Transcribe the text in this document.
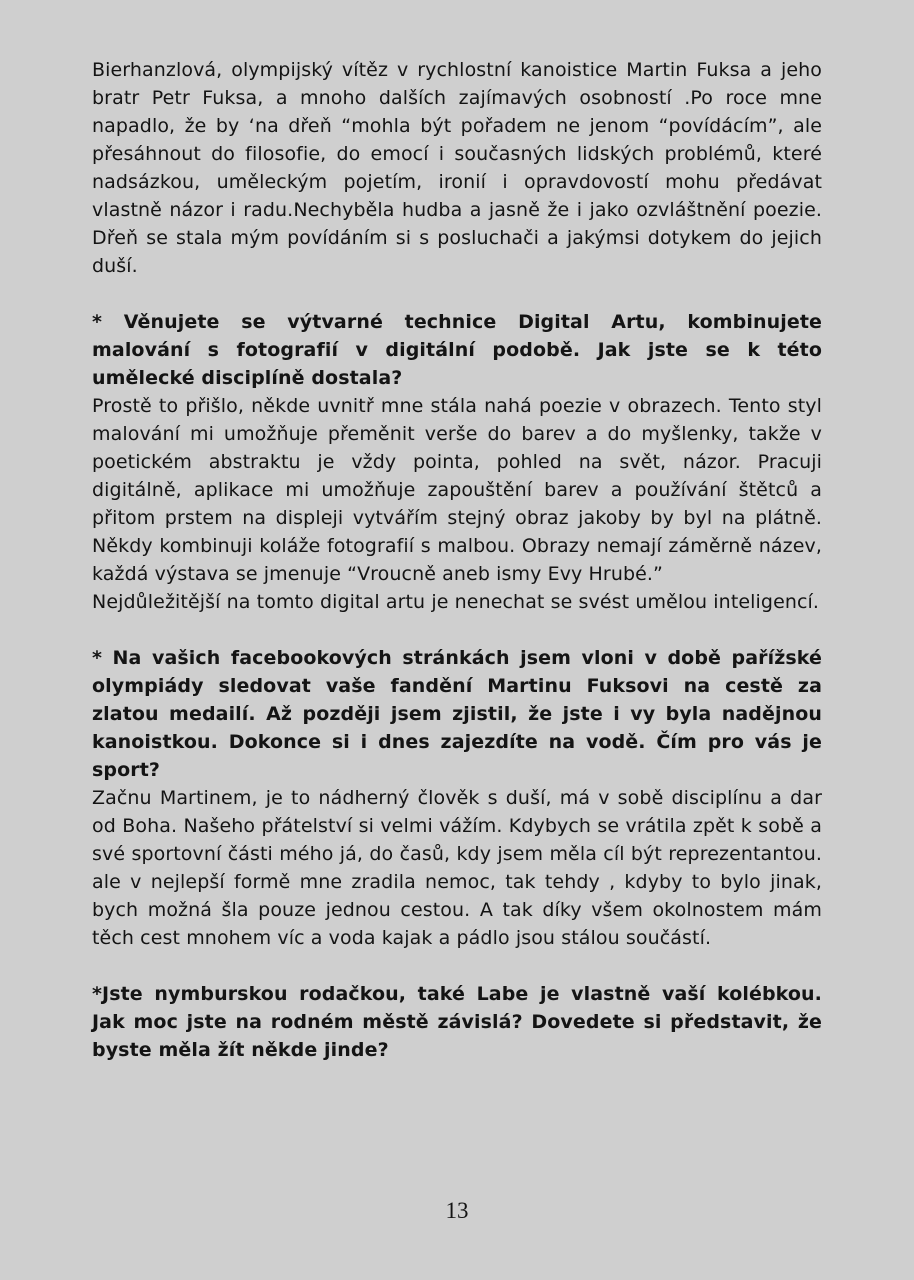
Bierhanzlová, olympijský vítěz v rychlostní kanoistice Martin Fuksa a jeho bratr Petr Fuksa, a mnoho dalších zajímavých osobností .Po roce mne napadlo, že by ‘na dřeň “mohla být pořadem ne jenom “povídácím”, ale přesáhnout do filosofie, do emocí i současných lidských problémů, které nadsázkou, uměleckým pojetím, ironií i opravdovostí mohu předávat vlastně názor i radu.Nechyběla hudba a jasně že i jako ozvláštnění poezie. Dřeň se stala mým povídáním si s posluchači a jakýmsi dotykem do jejich duší.

* Věnujete se výtvarné technice Digital Artu, kombinujete malování s fotografií v digitální podobě. Jak jste se k této umělecké disciplíně dostala?

Prostě to přišlo, někde uvnitř mne stála nahá poezie v obrazech. Tento styl malování mi umožňuje přeměnit verše do barev a do myšlenky, takže v poetickém abstraktu je vždy pointa, pohled na svět, názor. Pracuji digitálně, aplikace mi umožňuje zapouštění barev a používání štětců a přitom prstem na displeji vytvářím stejný obraz jakoby by byl na plátně. Někdy kombinuji koláže fotografií s malbou. Obrazy nemají záměrně název, každá výstava se jmenuje “Vroucně aneb ismy Evy Hrubé.”

Nejdůležitější na tomto digital artu je nenechat se svést umělou inteligencí.

* Na vašich facebookových stránkách jsem vloni v době pařížské olympiády sledovat vaše fandění Martinu Fuksovi na cestě za zlatou medailí. Až později jsem zjistil, že jste i vy byla nadějnou kanoistkou. Dokonce si i dnes zajezdíte na vodě. Čím pro vás je sport?

Začnu Martinem, je to nádherný člověk s duší, má v sobě disciplínu a dar od Boha. Našeho přátelství si velmi vážím. Kdybych se vrátila zpět k sobě a své sportovní části mého já, do časů, kdy jsem měla cíl být reprezentantou. ale v nejlepší formě mne zradila nemoc, tak tehdy , kdyby to bylo jinak, bych možná šla pouze jednou cestou. A tak díky všem okolnostem mám těch cest mnohem víc a voda kajak a pádlo jsou stálou součástí.

*Jste nymburskou rodačkou, také Labe je vlastně vaší kolébkou. Jak moc jste na rodném městě závislá? Dovedete si představit, že byste měla žít někde jinde?

13
